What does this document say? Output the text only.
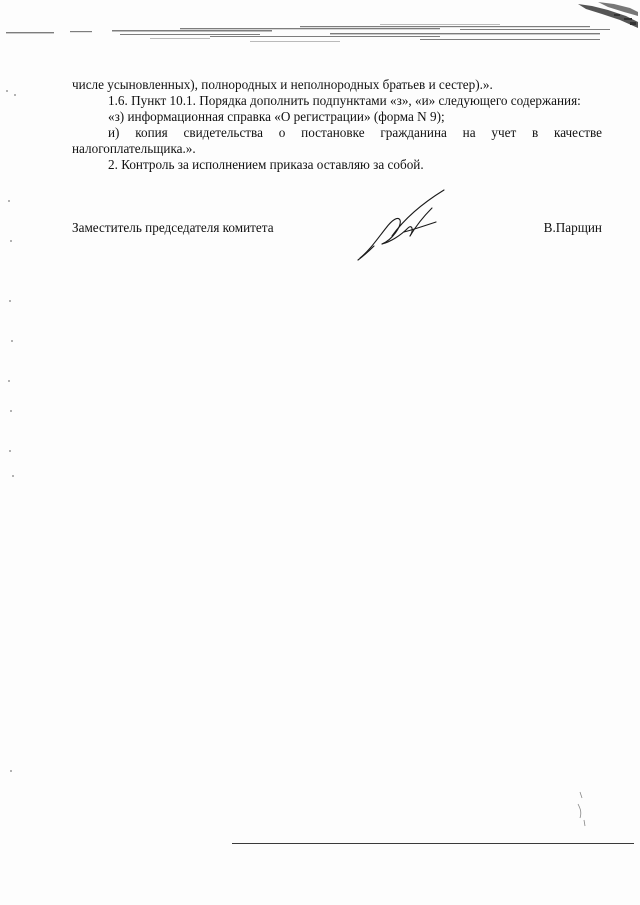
числе усыновленных), полнородных и неполнородных братьев и сестер).».

1.6. Пункт 10.1. Порядка дополнить подпунктами «з», «и» следующего содержания:

«з) информационная справка «О регистрации» (форма N 9);

и) копия свидетельства о постановке гражданина на учет в качестве налогоплательщика.».

2. Контроль за исполнением приказа оставляю за собой.

Заместитель председателя комитета	В.Парщин
